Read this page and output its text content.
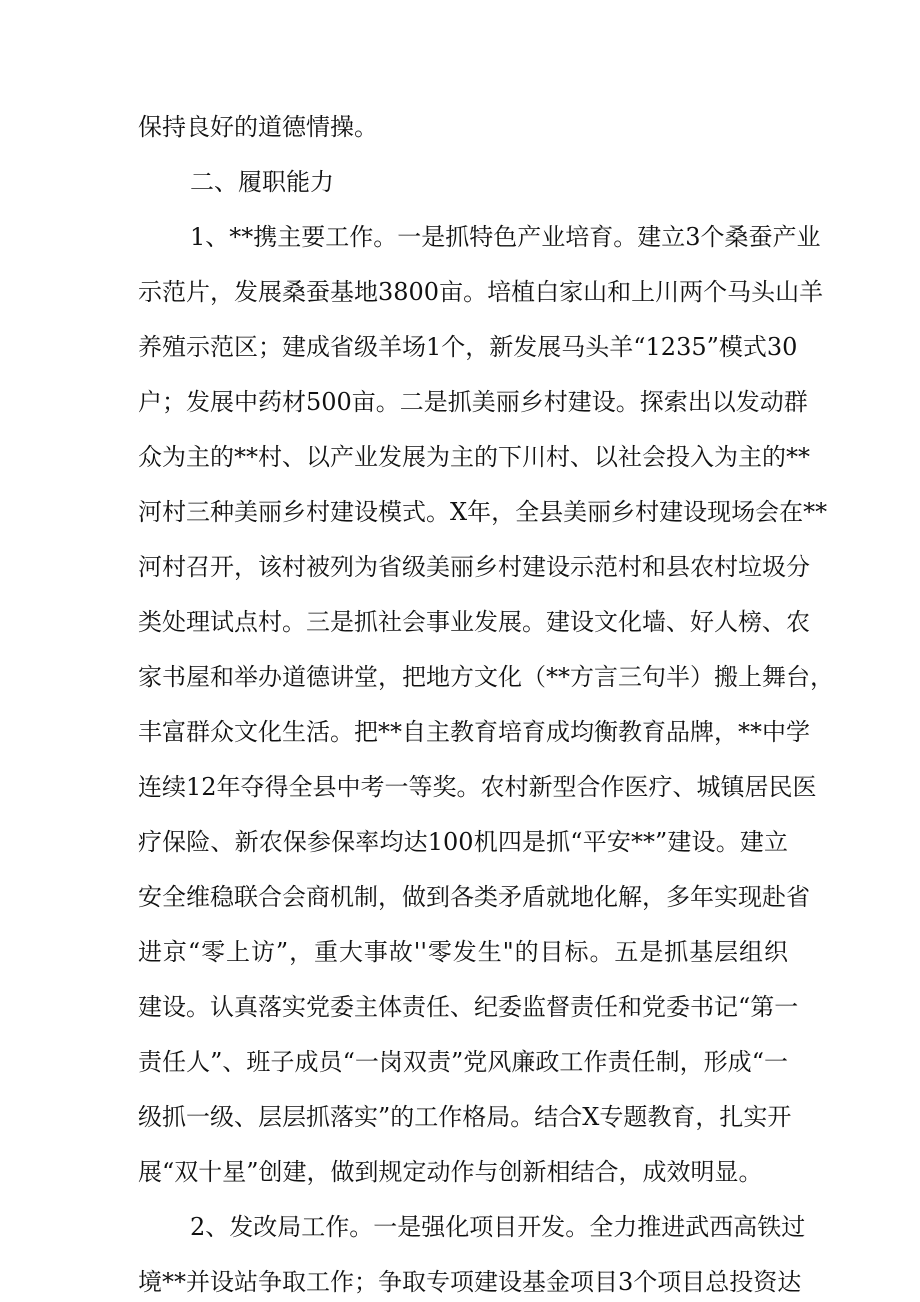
保持良好的道德情操。
二、履职能力
1、**携主要工作。一是抓特色产业培育。建立3个桑蚕产业
示范片，发展桑蚕基地3800亩。培植白家山和上川两个马头山羊
养殖示范区；建成省级羊场1个，新发展马头羊“1235”模式30
户；发展中药材500亩。二是抓美丽乡村建设。探索出以发动群
众为主的**村、以产业发展为主的下川村、以社会投入为主的**
河村三种美丽乡村建设模式。X年，全县美丽乡村建设现场会在**
河村召开，该村被列为省级美丽乡村建设示范村和县农村垃圾分
类处理试点村。三是抓社会事业发展。建设文化墙、好人榜、农
家书屋和举办道德讲堂，把地方文化（**方言三句半）搬上舞台，
丰富群众文化生活。把**自主教育培育成均衡教育品牌，**中学
连续12年夺得全县中考一等奖。农村新型合作医疗、城镇居民医
疗保险、新农保参保率均达100机四是抓“平安**”建设。建立
安全维稳联合会商机制，做到各类矛盾就地化解，多年实现赴省
进京“零上访”，重大事故''零发生"的目标。五是抓基层组织
建设。认真落实党委主体责任、纪委监督责任和党委书记“第一
责任人”、班子成员“一岗双责”党风廉政工作责任制，形成“一
级抓一级、层层抓落实”的工作格局。结合X专题教育，扎实开
展“双十星”创建，做到规定动作与创新相结合，成效明显。
2、发改局工作。一是强化项目开发。全力推进武西高铁过
境**并设站争取工作；争取专项建设基金项目3个项目总投资达
